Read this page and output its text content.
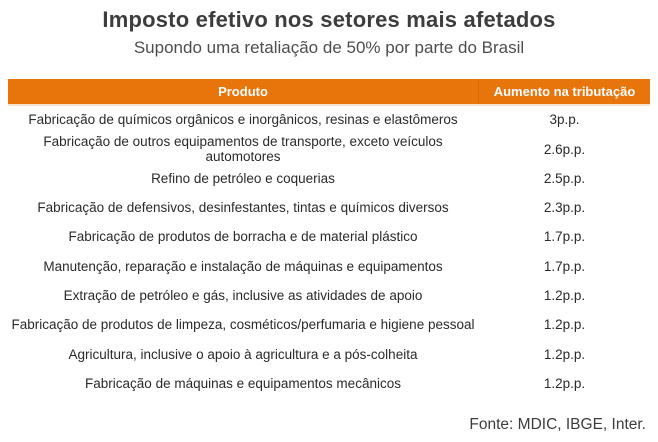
Imposto efetivo nos setores mais afetados
Supondo uma retaliação de 50% por parte do Brasil
Produto	Aumento na tributação
Fabricação de químicos orgânicos e inorgânicos, resinas e elastômeros	3p.p.
Fabricação de outros equipamentos de transporte, exceto veículos automotores	2.6p.p.
Refino de petróleo e coquerias	2.5p.p.
Fabricação de defensivos, desinfestantes, tintas e químicos diversos	2.3p.p.
Fabricação de produtos de borracha e de material plástico	1.7p.p.
Manutenção, reparação e instalação de máquinas e equipamentos	1.7p.p.
Extração de petróleo e gás, inclusive as atividades de apoio	1.2p.p.
Fabricação de produtos de limpeza, cosméticos/perfumaria e higiene pessoal	1.2p.p.
Agricultura, inclusive o apoio à agricultura e a pós-colheita	1.2p.p.
Fabricação de máquinas e equipamentos mecânicos	1.2p.p.
Fonte: MDIC, IBGE, Inter.
